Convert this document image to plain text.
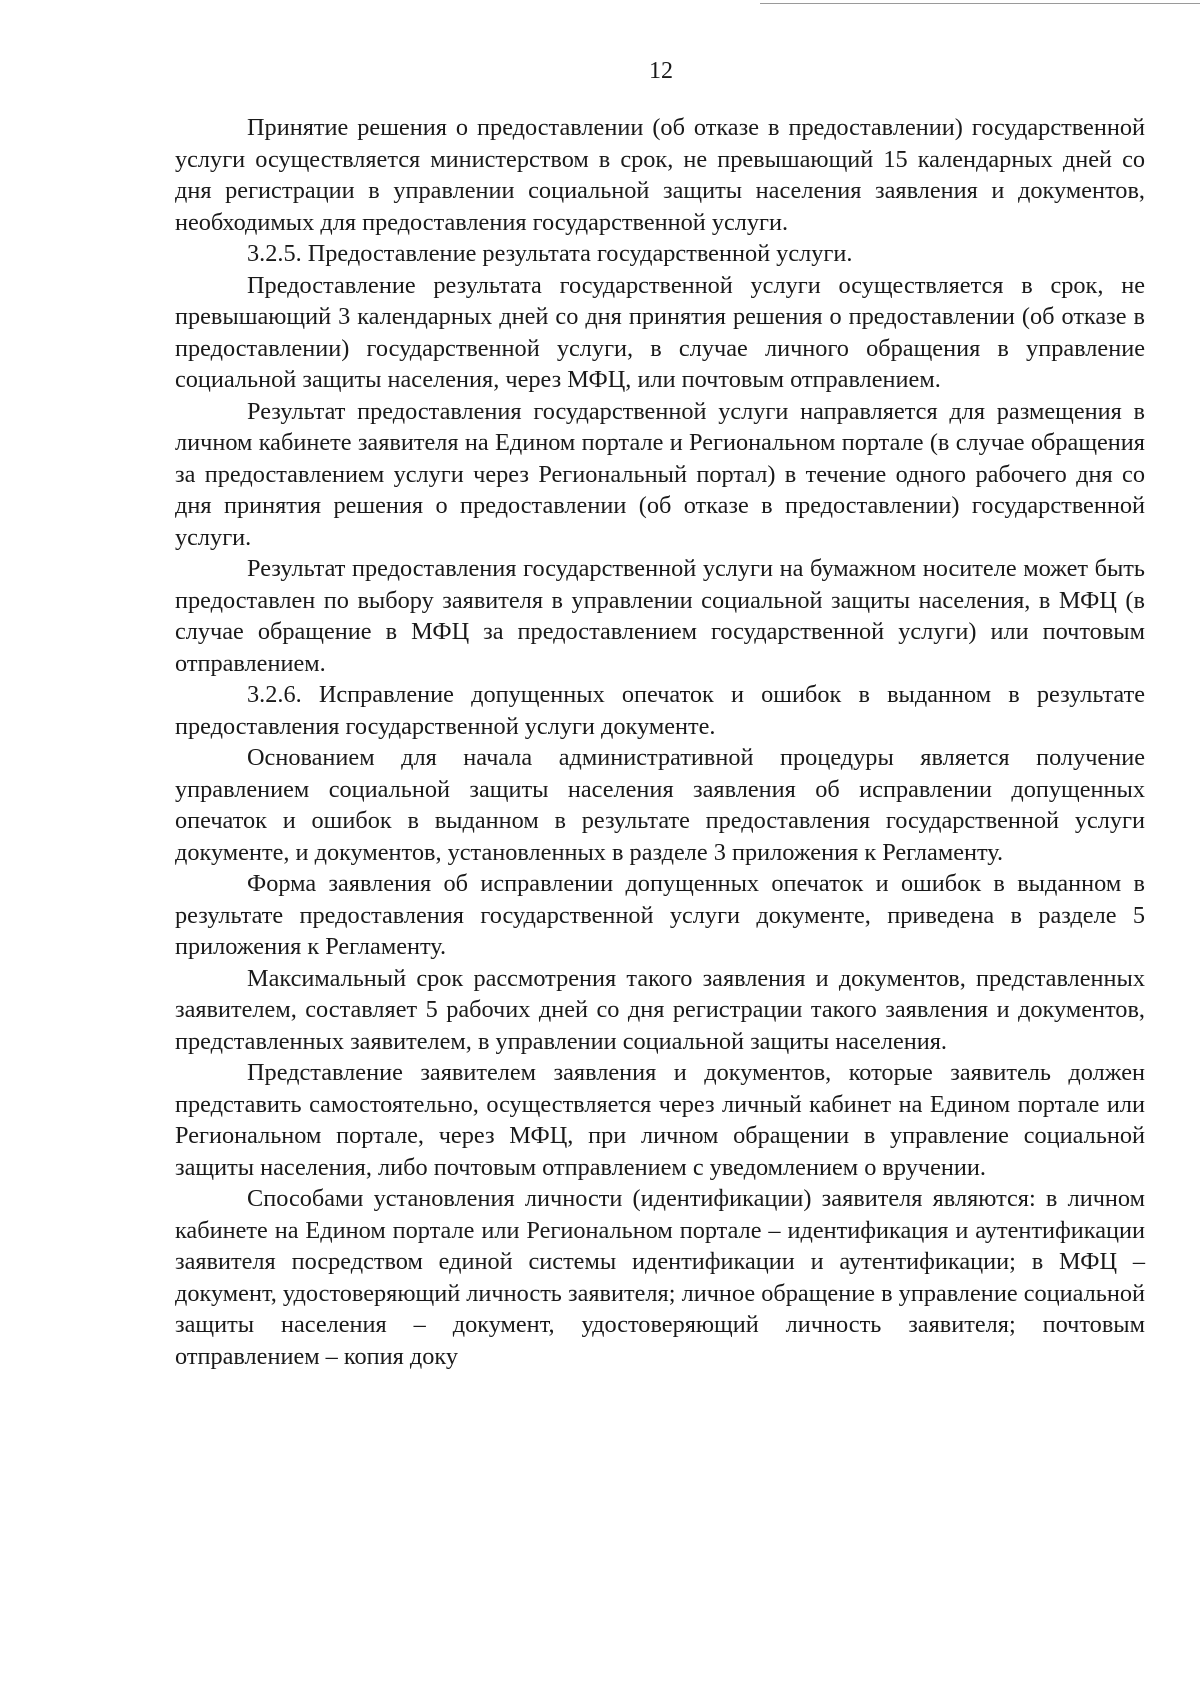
12

Принятие решения о предоставлении (об отказе в предоставлении) государственной услуги осуществляется министерством в срок, не превышающий 15 календарных дней со дня регистрации в управлении социальной защиты населения заявления и документов, необходимых для предоставления государственной услуги.

3.2.5. Предоставление результата государственной услуги.

Предоставление результата государственной услуги осуществляется в срок, не превышающий 3 календарных дней со дня принятия решения о предоставлении (об отказе в предоставлении) государственной услуги, в случае личного обращения в управление социальной защиты населения, через МФЦ, или почтовым отправлением.

Результат предоставления государственной услуги направляется для размещения в личном кабинете заявителя на Едином портале и Региональном портале (в случае обращения за предоставлением услуги через Региональный портал) в течение одного рабочего дня со дня принятия решения о предоставлении (об отказе в предоставлении) государственной услуги.

Результат предоставления государственной услуги на бумажном носителе может быть предоставлен по выбору заявителя в управлении социальной защиты населения, в МФЦ (в случае обращение в МФЦ за предоставлением государственной услуги) или почтовым отправлением.

3.2.6. Исправление допущенных опечаток и ошибок в выданном в результате предоставления государственной услуги документе.

Основанием для начала административной процедуры является получение управлением социальной защиты населения заявления об исправлении допущенных опечаток и ошибок в выданном в результате предоставления государственной услуги документе, и документов, установленных в разделе 3 приложения к Регламенту.

Форма заявления об исправлении допущенных опечаток и ошибок в выданном в результате предоставления государственной услуги документе, приведена в разделе 5 приложения к Регламенту.

Максимальный срок рассмотрения такого заявления и документов, представленных заявителем, составляет 5 рабочих дней со дня регистрации такого заявления и документов, представленных заявителем, в управлении социальной защиты населения.

Представление заявителем заявления и документов, которые заявитель должен представить самостоятельно, осуществляется через личный кабинет на Едином портале или Региональном портале, через МФЦ, при личном обращении в управление социальной защиты населения, либо почтовым отправлением с уведомлением о вручении.

Способами установления личности (идентификации) заявителя являются: в личном кабинете на Едином портале или Региональном портале – идентификация и аутентификации заявителя посредством единой системы идентификации и аутентификации; в МФЦ – документ, удостоверяющий личность заявителя; личное обращение в управление социальной защиты населения – документ, удостоверяющий личность заявителя; почтовым отправлением – копия доку
